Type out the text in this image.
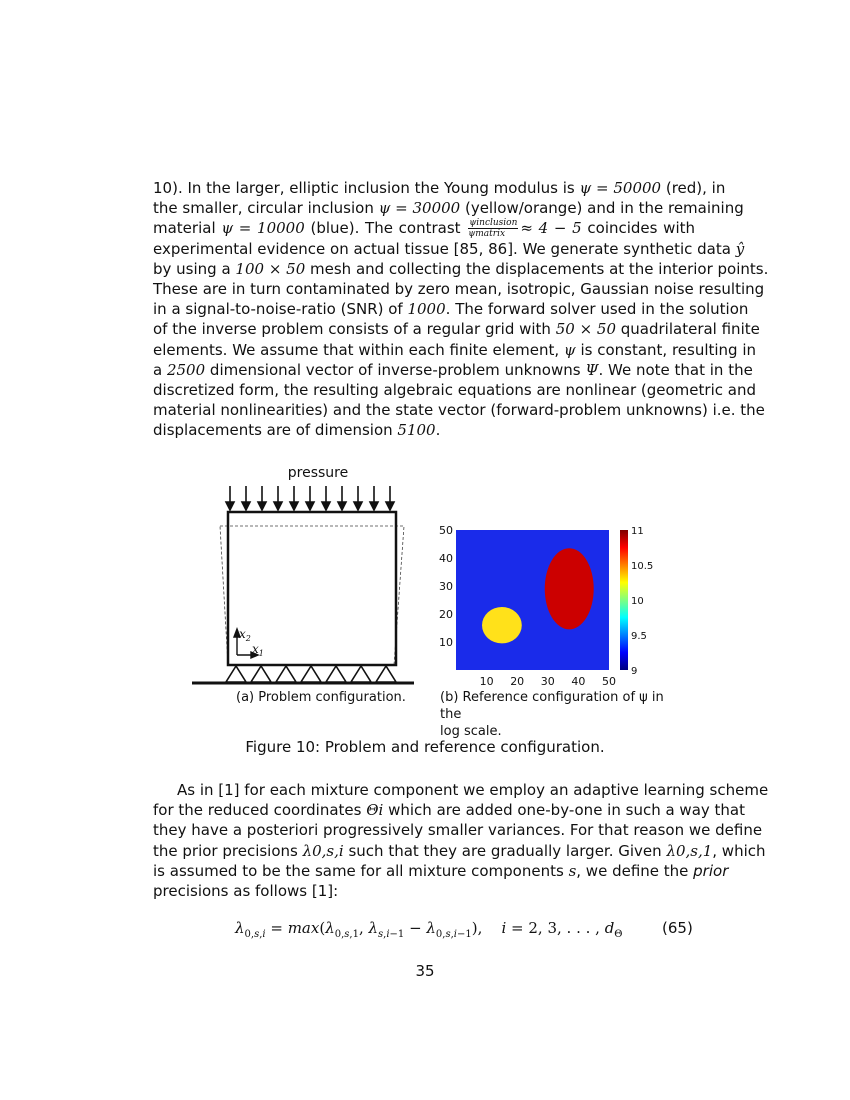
10). In the larger, elliptic inclusion the Young modulus is ψ = 50000 (red), in
the smaller, circular inclusion ψ = 30000 (yellow/orange) and in the remaining
material ψ = 10000 (blue). The contrast $\frac{\text{ψinclusion}}{\text{ψmatrix}} \approx 4 - 5$ coincides with
experimental evidence on actual tissue [85, 86]. We generate synthetic data ŷ
by using a 100 × 50 mesh and collecting the displacements at the interior points.
These are in turn contaminated by zero mean, isotropic, Gaussian noise resulting
in a signal-to-noise-ratio (SNR) of 1000. The forward solver used in the solution
of the inverse problem consists of a regular grid with 50 × 50 quadrilateral finite
elements. We assume that within each finite element, ψ is constant, resulting in
a 2500 dimensional vector of inverse-problem unknowns Ψ. We note that in the
discretized form, the resulting algebraic equations are nonlinear (geometric and
material nonlinearities) and the state vector (forward-problem unknowns) i.e. the
displacements are of dimension 5100.
pressure
$x_2$
$x_1$
(a) Problem configuration.
10
20
30
40
50
10 20 30 40 50
9
9.5
10
10.5
11
(b) Reference configuration of ψ in the
log scale.
Figure 10: Problem and reference configuration.
As in [1] for each mixture component we employ an adaptive learning scheme
for the reduced coordinates Θi which are added one-by-one in such a way that
they have a posteriori progressively smaller variances. For that reason we define
the prior precisions λ0,s,i such that they are gradually larger. Given λ0,s,1, which
is assumed to be the same for all mixture components s, we define the prior
precisions as follows [1]:
$\lambda_{0,s,i} = \max(\lambda_{0,s,1}$, $\lambda_{s,i-1} - \lambda_{0,s,i-1}$),    i = 2, 3, . . . , $d_\Theta$	(65)
35
